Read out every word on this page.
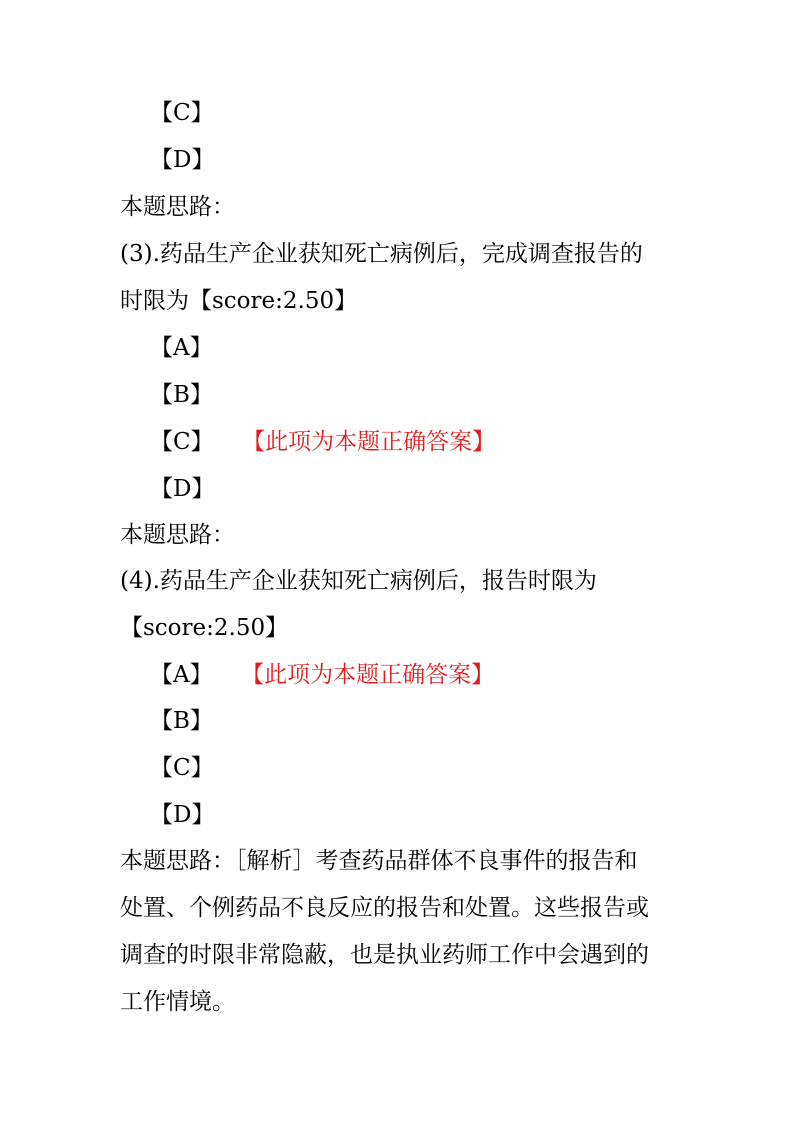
【C】
【D】
本题思路：
(3).药品生产企业获知死亡病例后，完成调查报告的
时限为【score:2.50】
【A】
【B】
【C】 【此项为本题正确答案】
【D】
本题思路：
(4).药品生产企业获知死亡病例后，报告时限为
【score:2.50】
【A】 【此项为本题正确答案】
【B】
【C】
【D】
本题思路：［解析］考查药品群体不良事件的报告和
处置、个例药品不良反应的报告和处置。这些报告或
调查的时限非常隐蔽，也是执业药师工作中会遇到的
工作情境。
